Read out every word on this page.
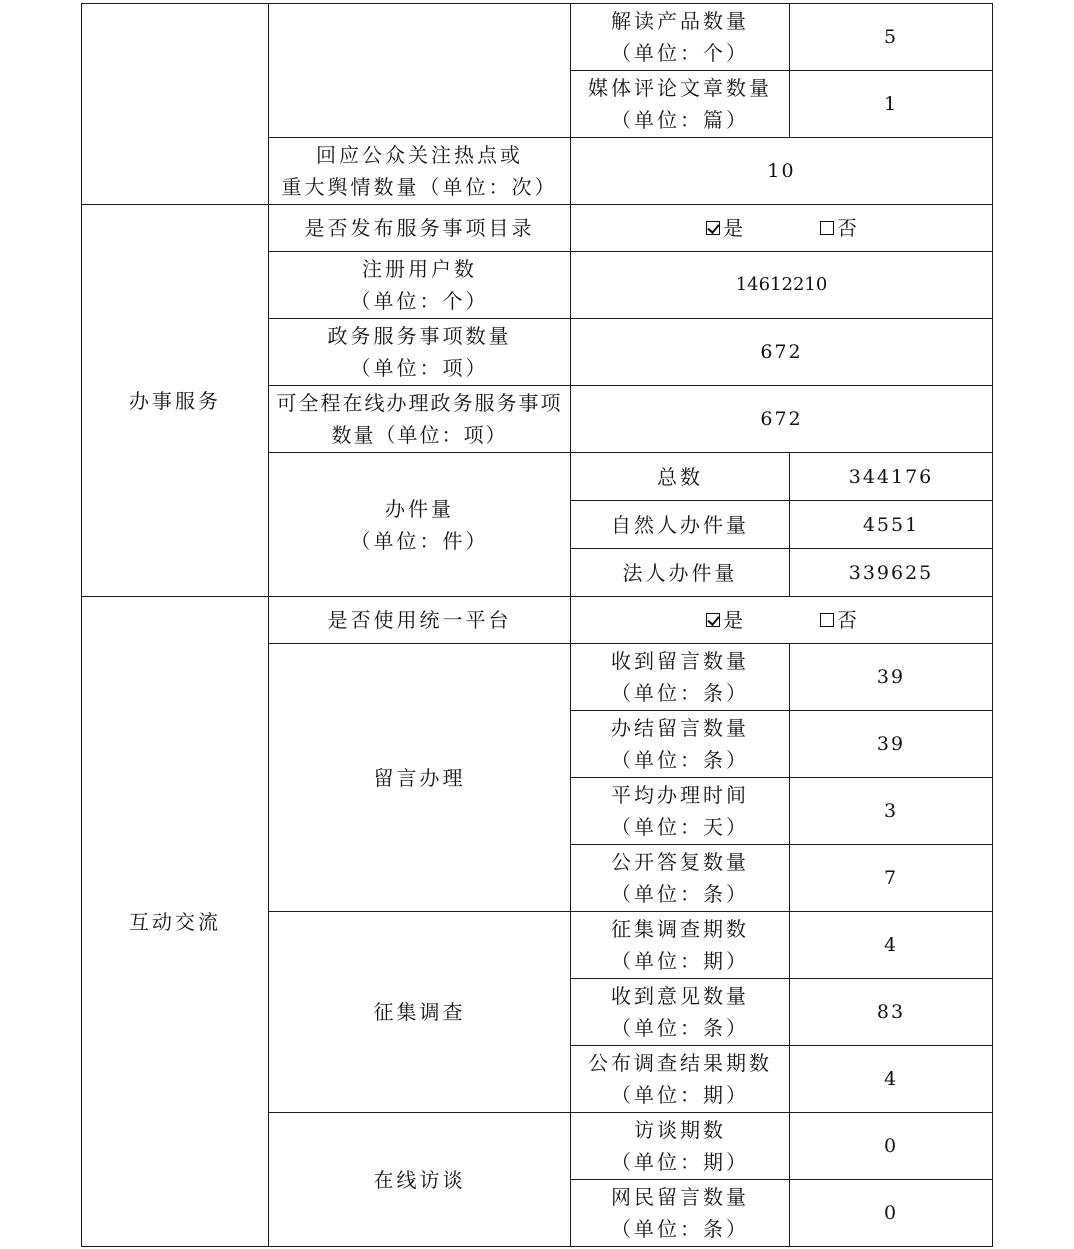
		解读产品数量
（单位：个）	5

		媒体评论文章数量
（单位：篇）	1

	回应公众关注热点或
重大舆情数量（单位：次）	10	
办事服务	是否发布服务事项目录	是
否	

	注册用户数
（单位：个）	14612210	

	政务服务事项数量
（单位：项）	672	

	可全程在线办理政务服务事项
数量（单位：项）	672	

	办件量
（单位：件）	总数	344176
		自然人办件量	4551
		法人办件量	339625
互动交流	是否使用统一平台	是
否	

	留言办理	收到留言数量
（单位：条）	39

		办结留言数量
（单位：条）	39

		平均办理时间
（单位：天）	3

		公开答复数量
（单位：条）	7
	征集调查	征集调查期数
（单位：期）	4

		收到意见数量
（单位：条）	83

		公布调查结果期数
（单位：期）	4
	在线访谈	访谈期数
（单位：期）	0

		网民留言数量
（单位：条）	0
